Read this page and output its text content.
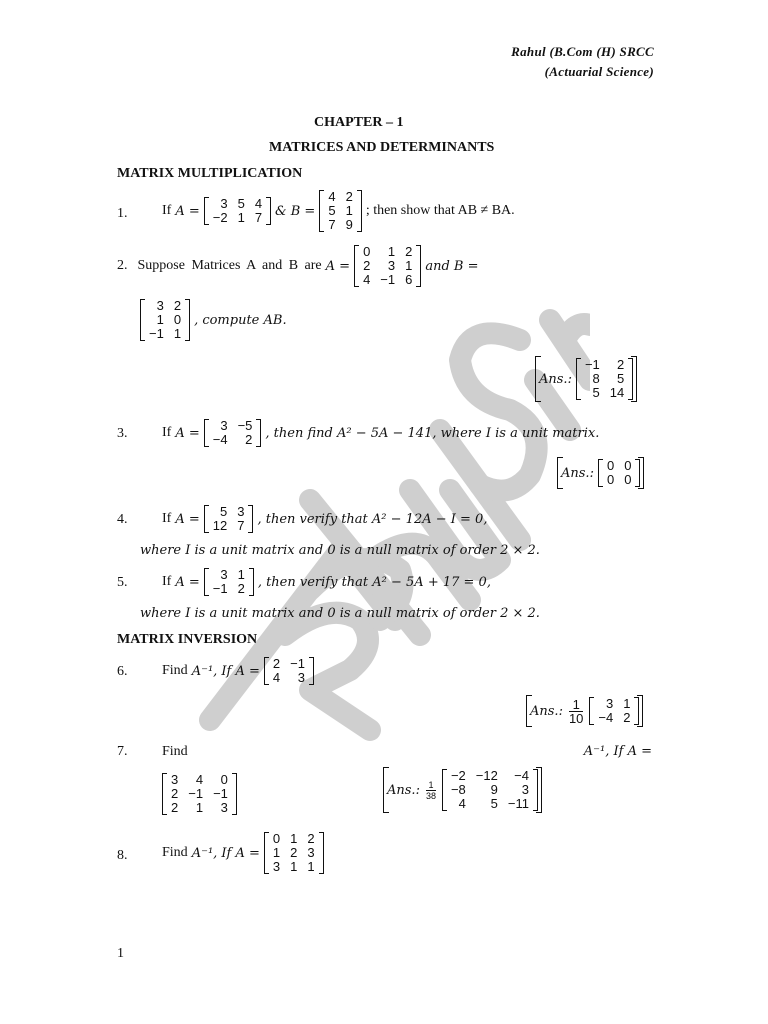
Rahul (B.Com (H) SRCC
(Actuarial Science)
CHAPTER – 1
MATRICES AND DETERMINANTS
MATRIX MULTIPLICATION
1. If A = 3	5	4
−2	1	7 & B =
4	2
5	1
7	9
; then show that AB ≠ BA.
2. Suppose Matrices A and B are A =
0	1	2
2	3	1
4	−1	6
and B =
3	2
1	0
−1	1
, compute AB.
Ans.:
−1	2
8	5
5	14
3. If A = 3	−5
−4	2 , then find A² − 5A − 141, where I is a unit matrix.
Ans.: 0	0
0	0
4. If A = 5	3
12	7 , then verify that A² − 12A − I = 0,
where I is a unit matrix and 0 is a null matrix of order 2 × 2.
5. If A = 3	1
−1	2 , then verify that A² − 5A + 17 = 0,
where I is a unit matrix and 0 is a null matrix of order 2 × 2.
MATRIX INVERSION
6. Find A⁻¹, If A = 2	−1
4	3
Ans.: $\frac{1}{10} 3$	1
−4	2
7. Find	A⁻¹, If A =
3	4	0
2	−1	−1
2	1	3
Ans.: $\frac{1}{38}$
−2	−12	−4
−8	9	3
4	5	−11
8. Find A⁻¹, If A =
0	1	2
1	2	3
3	1	1
1
